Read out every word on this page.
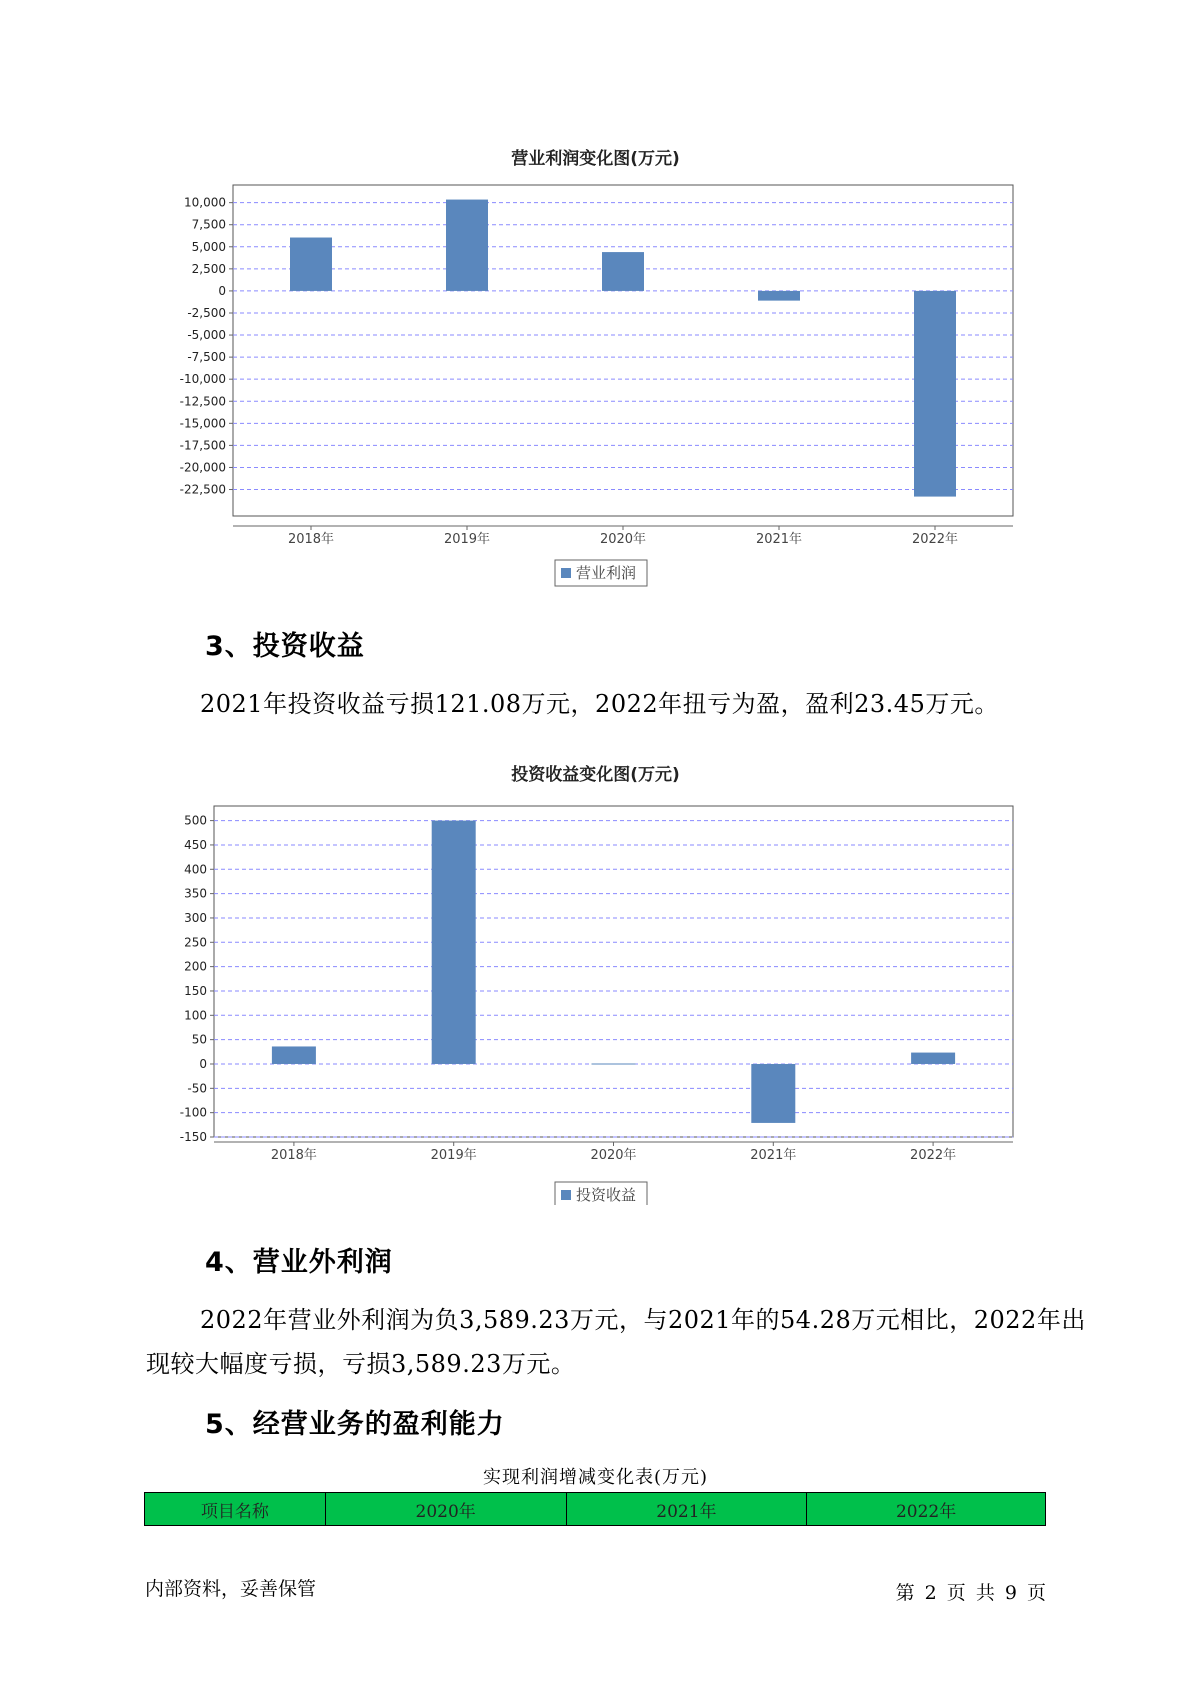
营业利润变化图(万元)
10,000
7,500
5,000
2,500
0
-2,500
-5,000
-7,500
-10,000
-12,500
-15,000
-17,500
-20,000
-22,500
2018年	2019年	2020年	2021年	2022年
营业利润
3、投资收益

2021年投资收益亏损121.08万元，2022年扭亏为盈，盈利23.45万元。

投资收益变化图(万元)
500
450
400
350
300
250
200
150
100
50
0
-50
-100
-150
2018年	2019年	2020年	2021年	2022年
投资收益
4、营业外利润

2022年营业外利润为负3,589.23万元，与2021年的54.28万元相比，2022年出现较大幅度亏损，亏损3,589.23万元。

5、经营业务的盈利能力
实现利润增减变化表(万元)
项目名称	2020年	2021年	2022年
内部资料，妥善保管	第 2 页 共 9 页
